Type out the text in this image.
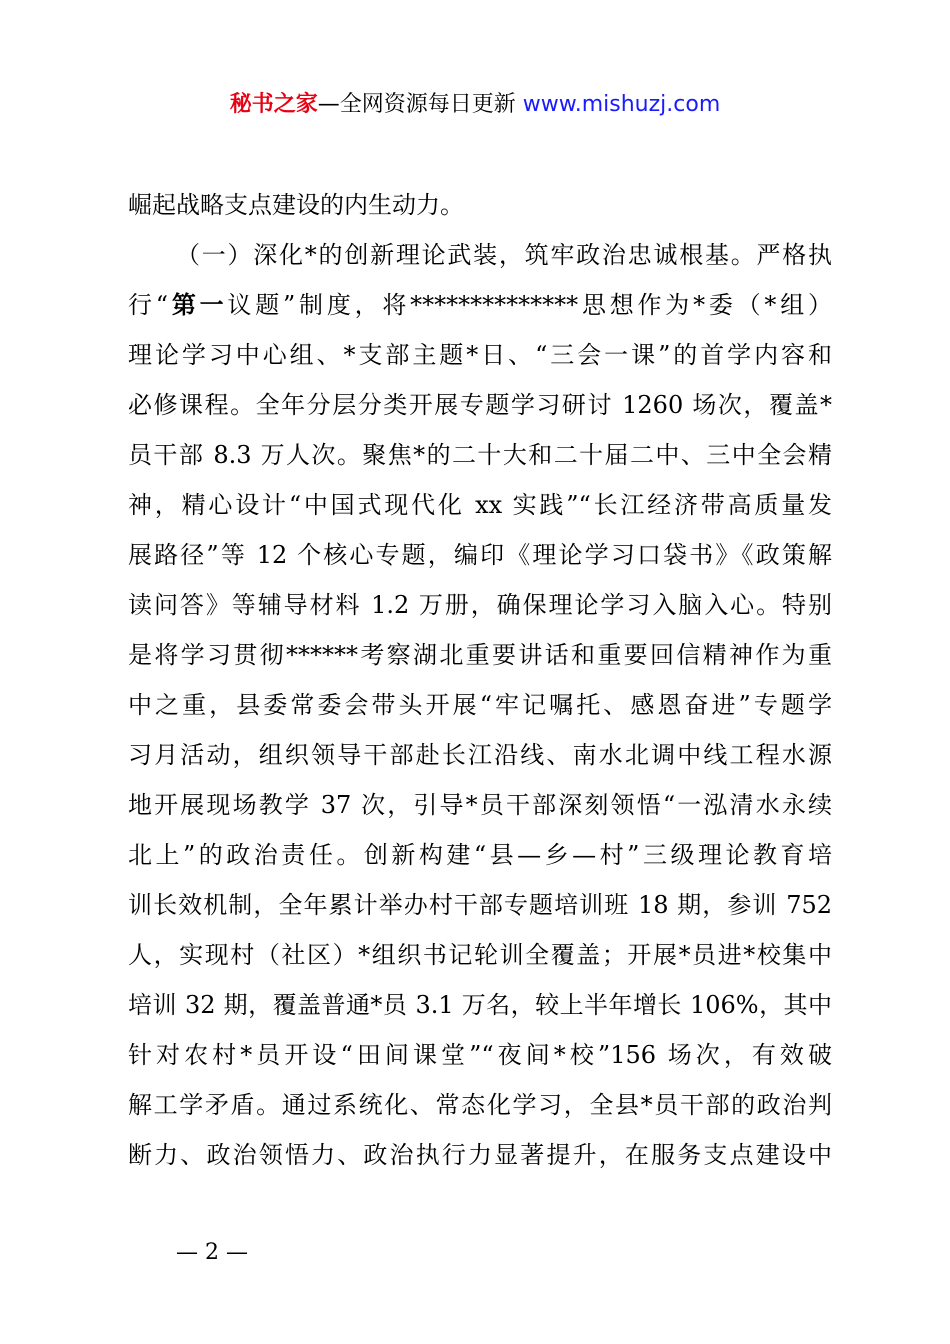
秘书之家—全网资源每日更新 www.mishuzj.com
崛起战略支点建设的内生动力。
（一）深化*的创新理论武装，筑牢政治忠诚根基。严格执
行“第一议题”制度，将**************思想作为*委（*组）
理论学习中心组、*支部主题*日、“三会一课”的首学内容和
必修课程。全年分层分类开展专题学习研讨 1260 场次，覆盖*
员干部 8.3 万人次。聚焦*的二十大和二十届二中、三中全会精
神，精心设计“中国式现代化 xx 实践”“长江经济带高质量发
展路径”等 12 个核心专题，编印《理论学习口袋书》《政策解
读问答》等辅导材料 1.2 万册，确保理论学习入脑入心。特别
是将学习贯彻******考察湖北重要讲话和重要回信精神作为重
中之重，县委常委会带头开展“牢记嘱托、感恩奋进”专题学
习月活动，组织领导干部赴长江沿线、南水北调中线工程水源
地开展现场教学 37 次，引导*员干部深刻领悟“一泓清水永续
北上”的政治责任。创新构建“县—乡—村”三级理论教育培
训长效机制，全年累计举办村干部专题培训班 18 期，参训 752
人，实现村（社区）*组织书记轮训全覆盖；开展*员进*校集中
培训 32 期，覆盖普通*员 3.1 万名，较上半年增长 106%，其中
针对农村*员开设“田间课堂”“夜间*校”156 场次，有效破
解工学矛盾。通过系统化、常态化学习，全县*员干部的政治判
断力、政治领悟力、政治执行力显著提升，在服务支点建设中
— 2 —
